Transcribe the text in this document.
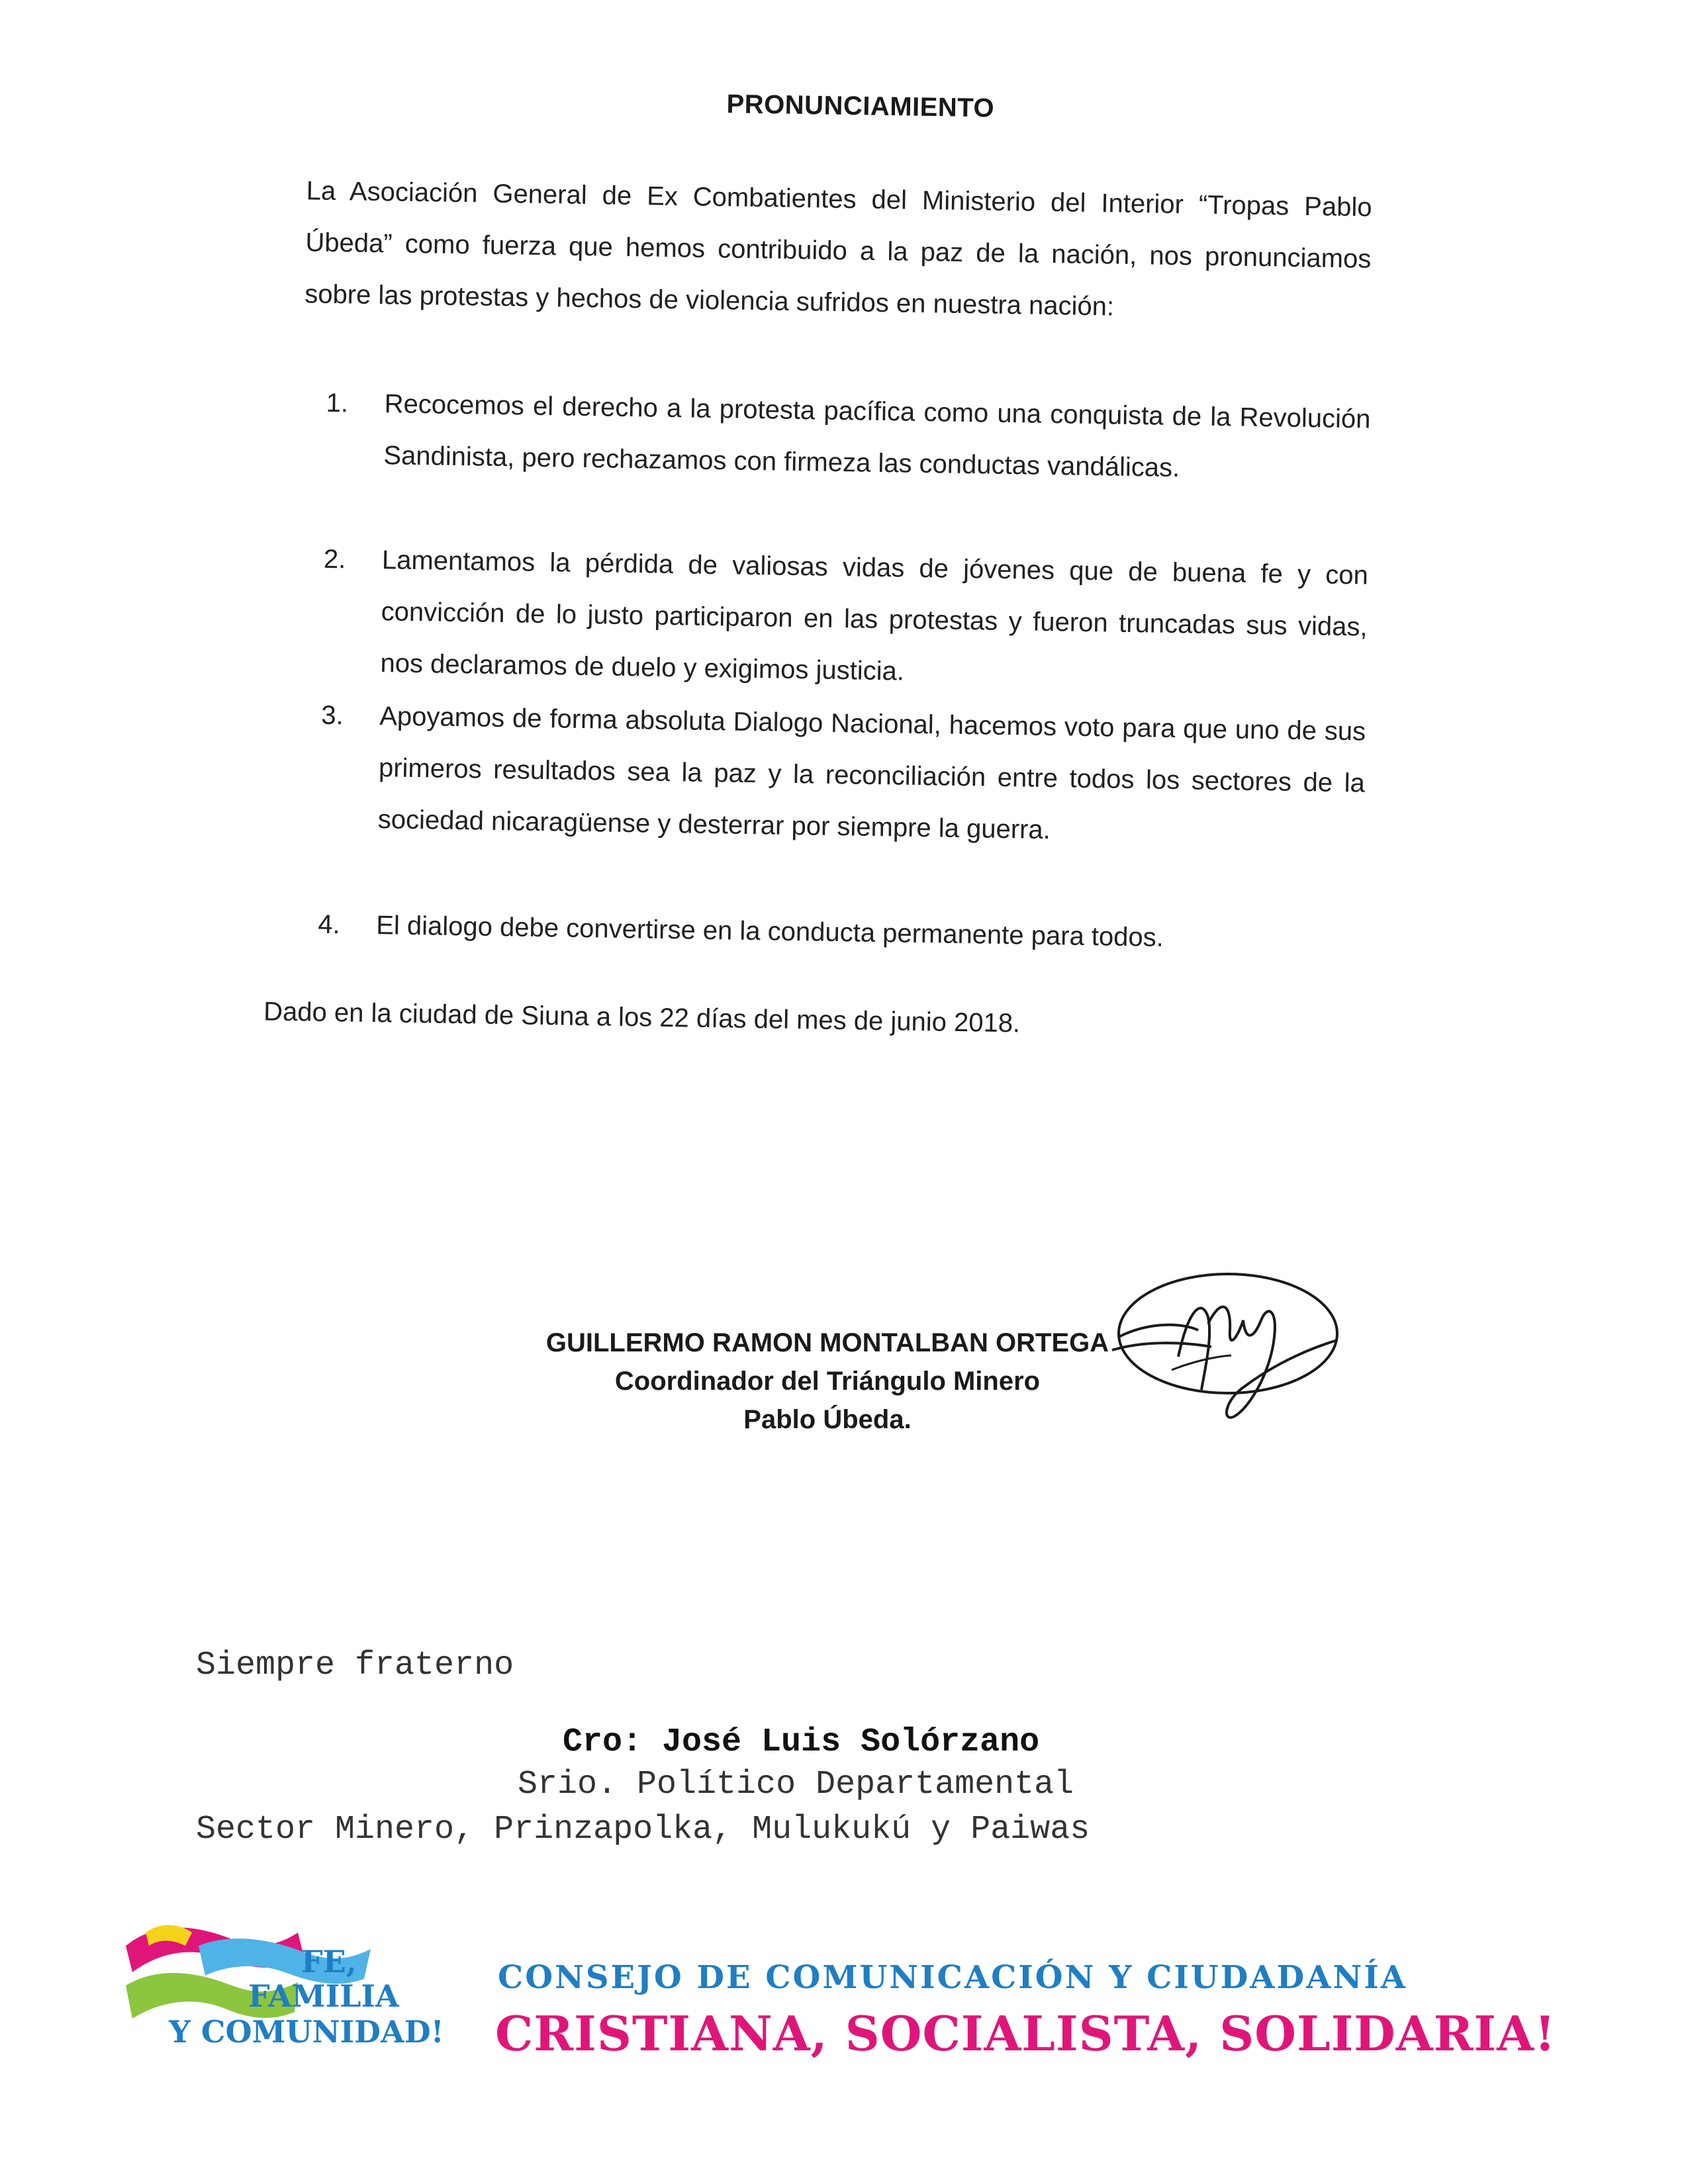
PRONUNCIAMIENTO
La Asociación General de Ex Combatientes del Ministerio del Interior “Tropas Pablo Úbeda” como fuerza que hemos contribuido a la paz de la nación, nos pronunciamos sobre las protestas y hechos de violencia sufridos en nuestra nación:
1.	Recocemos el derecho a la protesta pacífica como una conquista de la Revolución Sandinista, pero rechazamos con firmeza las conductas vandálicas.
2.	Lamentamos la pérdida de valiosas vidas de jóvenes que de buena fe y con convicción de lo justo participaron en las protestas y fueron truncadas sus vidas, nos declaramos de duelo y exigimos justicia.
3.	Apoyamos de forma absoluta Dialogo Nacional, hacemos voto para que uno de sus primeros resultados sea la paz y la reconciliación entre todos los sectores de la sociedad nicaragüense y desterrar por siempre la guerra.
4.	El dialogo debe convertirse en la conducta permanente para todos.
Dado en la ciudad de Siuna a los 22 días del mes de junio 2018.
GUILLERMO RAMON MONTALBAN ORTEGA
Coordinador del Triángulo Minero
Pablo Úbeda.
Siempre fraterno
Cro: José Luis Solórzano
Srio. Político Departamental
Sector Minero, Prinzapolka, Mulukukú y Paiwas
FE,
FAMILIA
Y COMUNIDAD!
CONSEJO DE COMUNICACIÓN Y CIUDADANÍA
CRISTIANA, SOCIALISTA, SOLIDARIA!
